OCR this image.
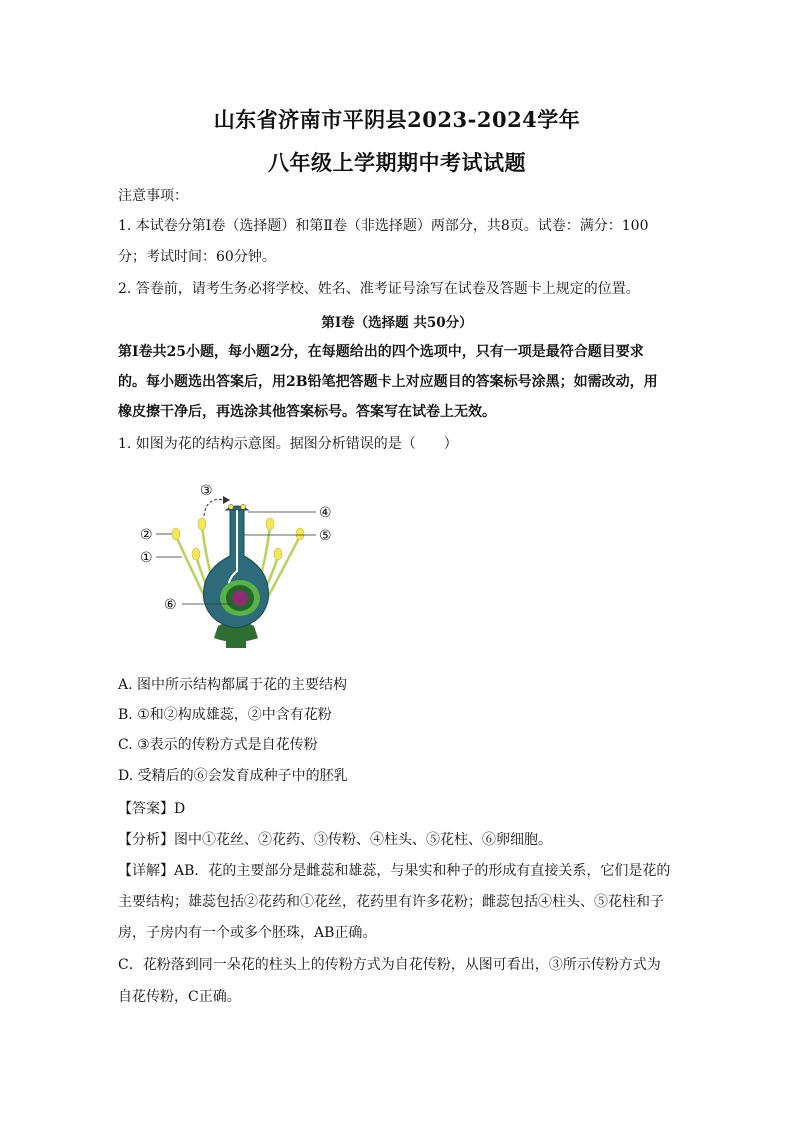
山东省济南市平阴县2023-2024学年
八年级上学期期中考试试题
注意事项：
1. 本试卷分第Ⅰ卷（选择题）和第Ⅱ卷（非选择题）两部分，共8页。试卷：满分：100
分；考试时间：60分钟。
2. 答卷前，请考生务必将学校、姓名、准考证号涂写在试卷及答题卡上规定的位置。
第Ⅰ卷（选择题 共50分）
第Ⅰ卷共25小题，每小题2分，在每题给出的四个选项中，只有一项是最符合题目要求
的。每小题选出答案后，用2B铅笔把答题卡上对应题目的答案标号涂黑；如需改动，用
橡皮擦干净后，再选涂其他答案标号。答案写在试卷上无效。
1. 如图为花的结构示意图。据图分析错误的是（　　）
③
④
⑤
②
①
⑥
A. 图中所示结构都属于花的主要结构
B. ①和②构成雄蕊，②中含有花粉
C. ③表示的传粉方式是自花传粉
D. 受精后的⑥会发育成种子中的胚乳
【答案】D
【分析】图中①花丝、②花药、③传粉、④柱头、⑤花柱、⑥卵细胞。
【详解】AB．花的主要部分是雌蕊和雄蕊，与果实和种子的形成有直接关系，它们是花的
主要结构；雄蕊包括②花药和①花丝，花药里有许多花粉；雌蕊包括④柱头、⑤花柱和子
房，子房内有一个或多个胚珠，AB正确。
C．花粉落到同一朵花的柱头上的传粉方式为自花传粉，从图可看出，③所示传粉方式为
自花传粉，C正确。
